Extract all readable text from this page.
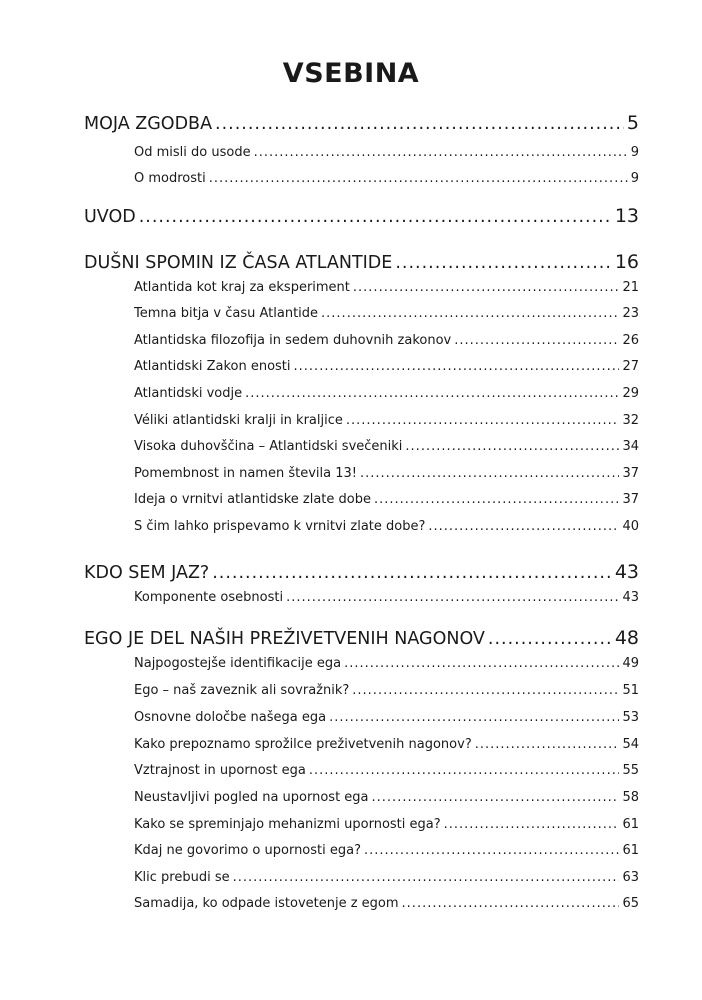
VSEBINA
MOJA ZGODBA .....	5
Od misli do usode .....	9
O modrosti .....	9
UVOD .....	13
DUŠNI SPOMIN IZ ČASA ATLANTIDE .....	16
Atlantida kot kraj za eksperiment .....	21
Temna bitja v času Atlantide .....	23
Atlantidska filozofija in sedem duhovnih zakonov .....	26
Atlantidski Zakon enosti .....	27
Atlantidski vodje .....	29
Véliki atlantidski kralji in kraljice .....	32
Visoka duhovščina – Atlantidski svečeniki .....	34
Pomembnost in namen števila 13! .....	37
Ideja o vrnitvi atlantidske zlate dobe .....	37
S čim lahko prispevamo k vrnitvi zlate dobe? .....	40
KDO SEM JAZ? .....	43
Komponente osebnosti .....	43
EGO JE DEL NAŠIH PREŽIVETVENIH NAGONOV .....	48
Najpogostejše identifikacije ega .....	49
Ego – naš zaveznik ali sovražnik? .....	51
Osnovne določbe našega ega .....	53
Kako prepoznamo sprožilce preživetvenih nagonov? .....	54
Vztrajnost in upornost ega .....	55
Neustavljivi pogled na upornost ega .....	58
Kako se spreminjajo mehanizmi upornosti ega? .....	61
Kdaj ne govorimo o upornosti ega? .....	61
Klic prebudi se .....	63
Samadija, ko odpade istovetenje z egom .....	65
